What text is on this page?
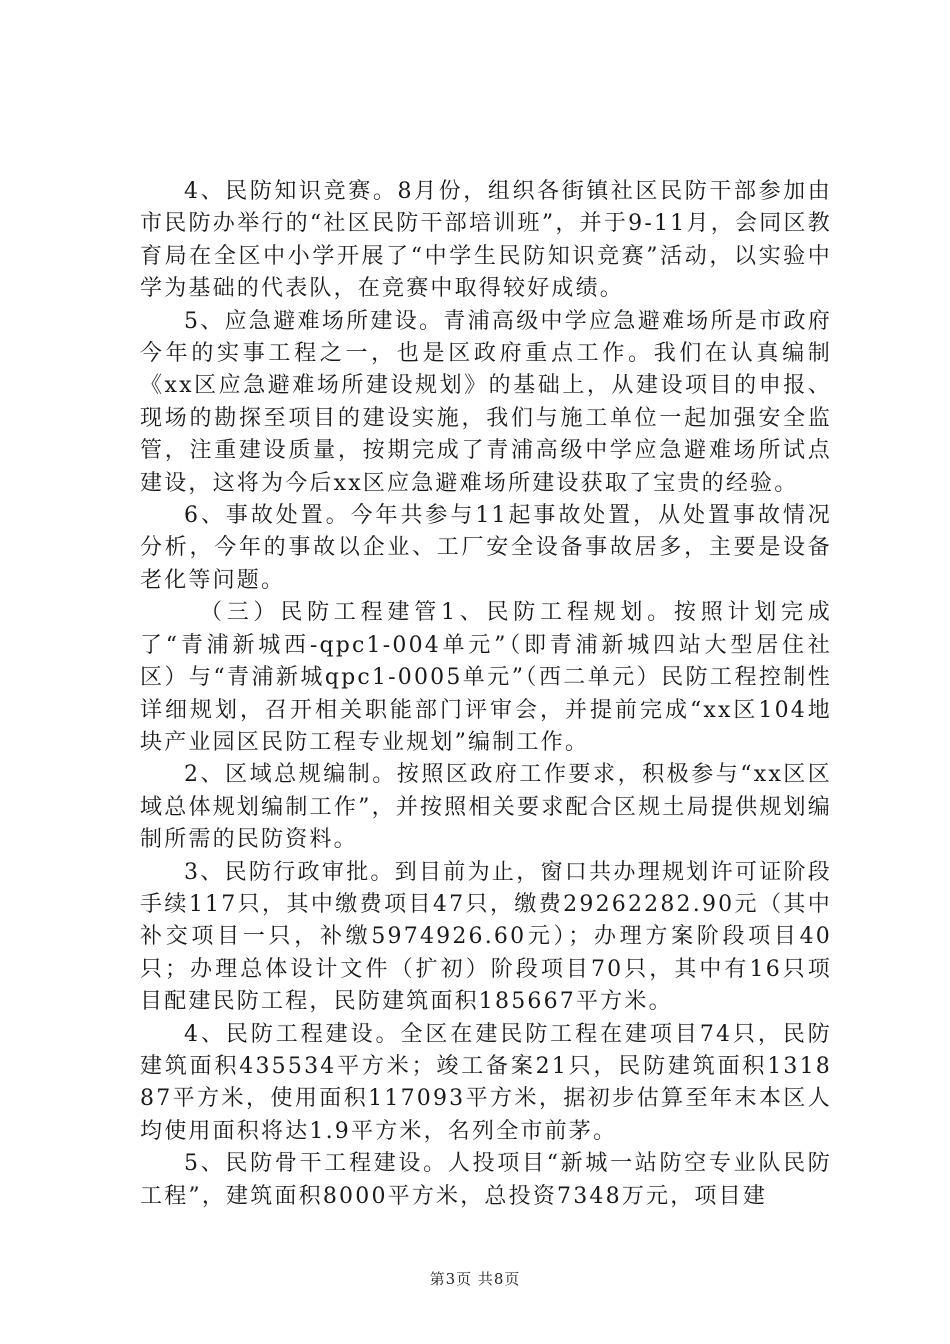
4、民防知识竞赛。8月份，组织各街镇社区民防干部参加由市民防办举行的“社区民防干部培训班”，并于9-11月，会同区教育局在全区中小学开展了“中学生民防知识竞赛”活动，以实验中学为基础的代表队，在竞赛中取得较好成绩。

5、应急避难场所建设。青浦高级中学应急避难场所是市政府今年的实事工程之一，也是区政府重点工作。我们在认真编制《xx区应急避难场所建设规划》的基础上，从建设项目的申报、现场的勘探至项目的建设实施，我们与施工单位一起加强安全监管，注重建设质量，按期完成了青浦高级中学应急避难场所试点建设，这将为今后xx区应急避难场所建设获取了宝贵的经验。

6、事故处置。今年共参与11起事故处置，从处置事故情况分析，今年的事故以企业、工厂安全设备事故居多，主要是设备老化等问题。

（三）民防工程建管1、民防工程规划。按照计划完成了“青浦新城西-qpc1-004单元”（即青浦新城四站大型居住社区）与“青浦新城qpc1-0005单元”（西二单元）民防工程控制性详细规划，召开相关职能部门评审会，并提前完成“xx区104地块产业园区民防工程专业规划”编制工作。

2、区域总规编制。按照区政府工作要求，积极参与“xx区区域总体规划编制工作”，并按照相关要求配合区规土局提供规划编制所需的民防资料。

3、民防行政审批。到目前为止，窗口共办理规划许可证阶段手续117只，其中缴费项目47只，缴费29262282.90元（其中补交项目一只，补缴5974926.60元）；办理方案阶段项目40只；办理总体设计文件（扩初）阶段项目70只，其中有16只项目配建民防工程，民防建筑面积185667平方米。

4、民防工程建设。全区在建民防工程在建项目74只，民防建筑面积435534平方米；竣工备案21只，民防建筑面积131887平方米，使用面积117093平方米，据初步估算至年末本区人均使用面积将达1.9平方米，名列全市前茅。

5、民防骨干工程建设。人投项目“新城一站防空专业队民防工程”，建筑面积8000平方米，总投资7348万元，项目建

第3页 共8页
